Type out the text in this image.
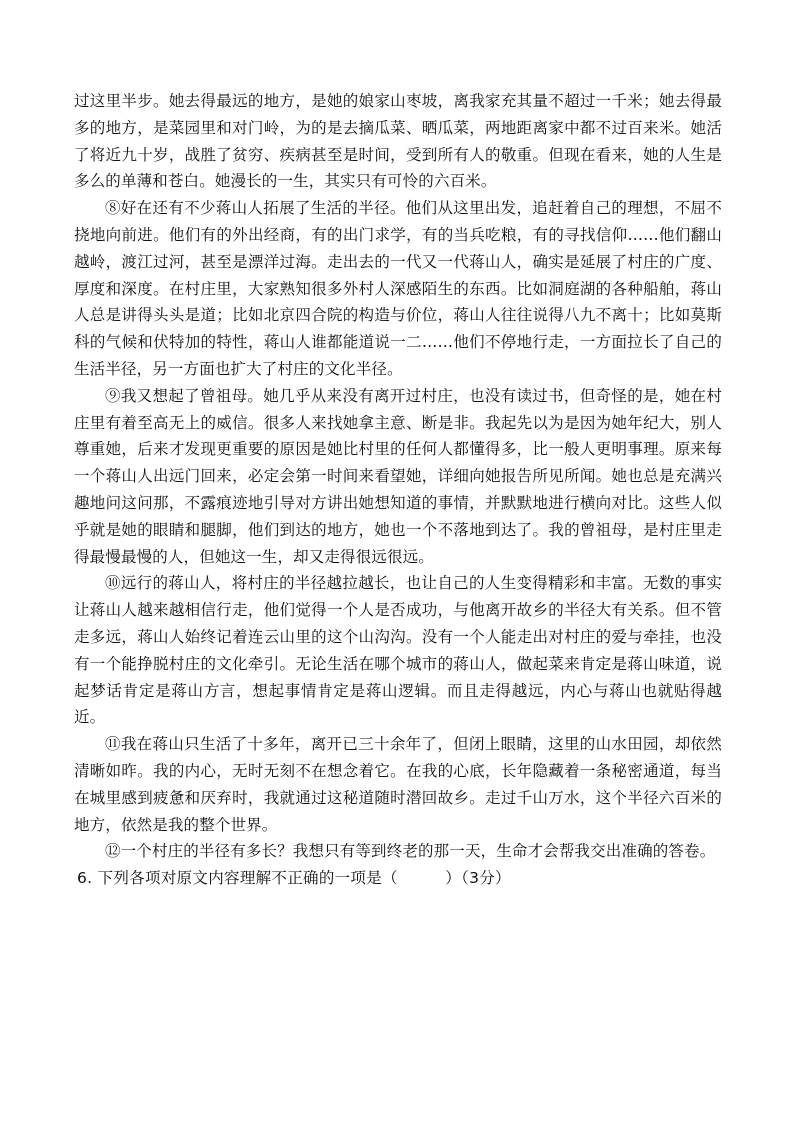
过这里半步。她去得最远的地方，是她的娘家山枣坡，离我家充其量不超过一千米；她去得最多的地方，是菜园里和对门岭，为的是去摘瓜菜、晒瓜菜，两地距离家中都不过百来米。她活了将近九十岁，战胜了贫穷、疾病甚至是时间，受到所有人的敬重。但现在看来，她的人生是多么的单薄和苍白。她漫长的一生，其实只有可怜的六百米。

⑧好在还有不少蒋山人拓展了生活的半径。他们从这里出发，追赶着自己的理想，不屈不挠地向前进。他们有的外出经商，有的出门求学，有的当兵吃粮，有的寻找信仰……他们翻山越岭，渡江过河，甚至是漂洋过海。走出去的一代又一代蒋山人，确实是延展了村庄的广度、厚度和深度。在村庄里，大家熟知很多外村人深感陌生的东西。比如洞庭湖的各种船舶，蒋山人总是讲得头头是道；比如北京四合院的构造与价位，蒋山人往往说得八九不离十；比如莫斯科的气候和伏特加的特性，蒋山人谁都能道说一二……他们不停地行走，一方面拉长了自己的生活半径，另一方面也扩大了村庄的文化半径。

⑨我又想起了曾祖母。她几乎从来没有离开过村庄，也没有读过书，但奇怪的是，她在村庄里有着至高无上的威信。很多人来找她拿主意、断是非。我起先以为是因为她年纪大，别人尊重她，后来才发现更重要的原因是她比村里的任何人都懂得多，比一般人更明事理。原来每一个蒋山人出远门回来，必定会第一时间来看望她，详细向她报告所见所闻。她也总是充满兴趣地问这问那，不露痕迹地引导对方讲出她想知道的事情，并默默地进行横向对比。这些人似乎就是她的眼睛和腿脚，他们到达的地方，她也一个不落地到达了。我的曾祖母，是村庄里走得最慢最慢的人，但她这一生，却又走得很远很远。

⑩远行的蒋山人，将村庄的半径越拉越长，也让自己的人生变得精彩和丰富。无数的事实让蒋山人越来越相信行走，他们觉得一个人是否成功，与他离开故乡的半径大有关系。但不管走多远，蒋山人始终记着连云山里的这个山沟沟。没有一个人能走出对村庄的爱与牵挂，也没有一个能挣脱村庄的文化牵引。无论生活在哪个城市的蒋山人，做起菜来肯定是蒋山味道，说起梦话肯定是蒋山方言，想起事情肯定是蒋山逻辑。而且走得越远，内心与蒋山也就贴得越近。

⑪我在蒋山只生活了十多年，离开已三十余年了，但闭上眼睛，这里的山水田园，却依然清晰如昨。我的内心，无时无刻不在想念着它。在我的心底，长年隐藏着一条秘密通道，每当在城里感到疲惫和厌弃时，我就通过这秘道随时潜回故乡。走过千山万水，这个半径六百米的地方，依然是我的整个世界。

⑫一个村庄的半径有多长？我想只有等到终老的那一天，生命才会帮我交出准确的答卷。

6. 下列各项对原文内容理解不正确的一项是（　　　）（3分）
